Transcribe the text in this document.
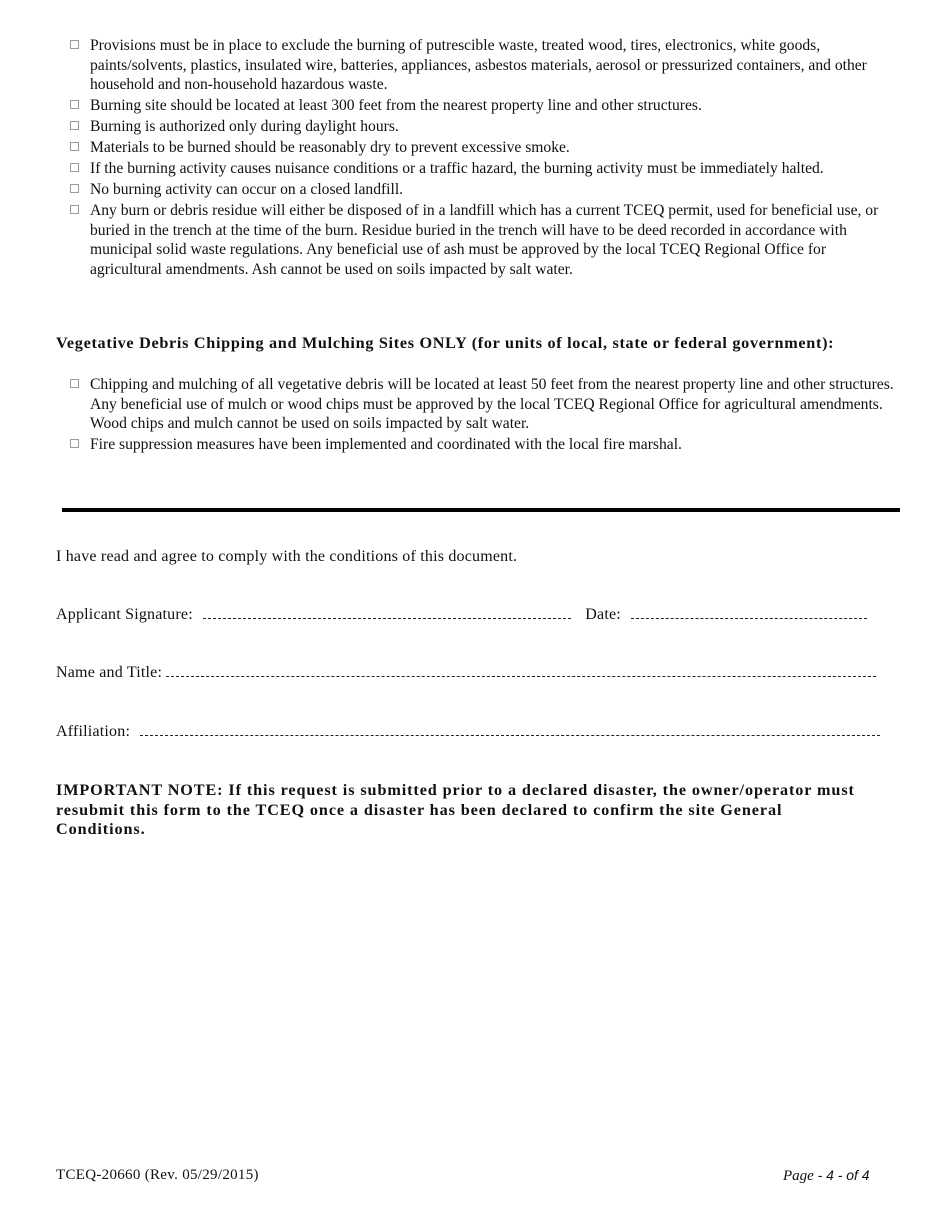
Provisions must be in place to exclude the burning of putrescible waste, treated wood, tires, electronics, white goods, paints/solvents, plastics, insulated wire, batteries, appliances, asbestos materials, aerosol or pressurized containers, and other household and non-household hazardous waste.
Burning site should be located at least 300 feet from the nearest property line and other structures.
Burning is authorized only during daylight hours.
Materials to be burned should be reasonably dry to prevent excessive smoke.
If the burning activity causes nuisance conditions or a traffic hazard, the burning activity must be immediately halted.
No burning activity can occur on a closed landfill.
Any burn or debris residue will either be disposed of in a landfill which has a current TCEQ permit, used for beneficial use, or buried in the trench at the time of the burn. Residue buried in the trench will have to be deed recorded in accordance with municipal solid waste regulations. Any beneficial use of ash must be approved by the local TCEQ Regional Office for agricultural amendments. Ash cannot be used on soils impacted by salt water.
Vegetative Debris Chipping and Mulching Sites ONLY (for units of local, state or federal government):
Chipping and mulching of all vegetative debris will be located at least 50 feet from the nearest property line and other structures. Any beneficial use of mulch or wood chips must be approved by the local TCEQ Regional Office for agricultural amendments. Wood chips and mulch cannot be used on soils impacted by salt water.
Fire suppression measures have been implemented and coordinated with the local fire marshal.
I have read and agree to comply with the conditions of this document.
Applicant Signature:	Date:
Name and Title:
Affiliation:
IMPORTANT NOTE: If this request is submitted prior to a declared disaster, the owner/operator must resubmit this form to the TCEQ once a disaster has been declared to confirm the site General Conditions.
TCEQ-20660 (Rev. 05/29/2015)	Page - 4 - of 4
